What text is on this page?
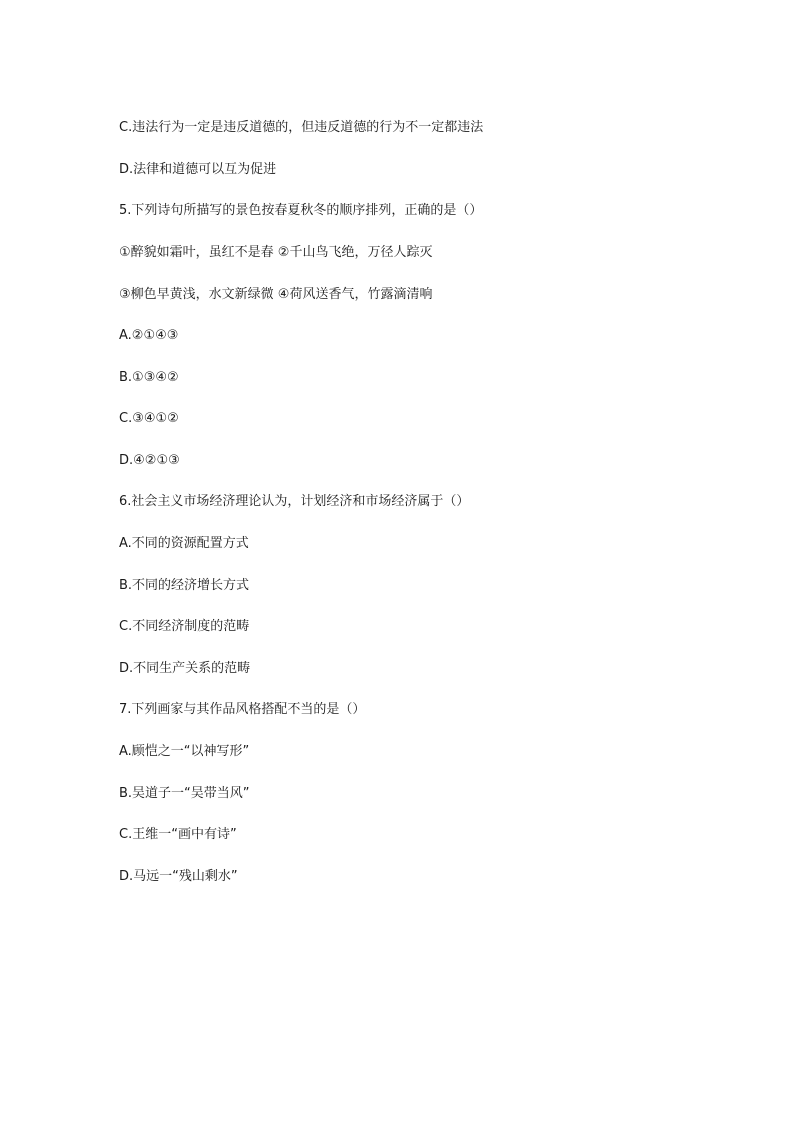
C.违法行为一定是违反道德的，但违反道德的行为不一定都违法
D.法律和道德可以互为促进
5.下列诗句所描写的景色按春夏秋冬的顺序排列，正确的是（）
①醉貌如霜叶，虽红不是春 ②千山鸟飞绝，万径人踪灭
③柳色早黄浅，水文新绿微 ④荷风送香气，竹露滴清响
A.②①④③
B.①③④②
C.③④①②
D.④②①③
6.社会主义市场经济理论认为，计划经济和市场经济属于（）
A.不同的资源配置方式
B.不同的经济增长方式
C.不同经济制度的范畴
D.不同生产关系的范畴
7.下列画家与其作品风格搭配不当的是（）
A.顾恺之一“以神写形”
B.吴道子一“吴带当风”
C.王维一“画中有诗”
D.马远一“残山剩水”
